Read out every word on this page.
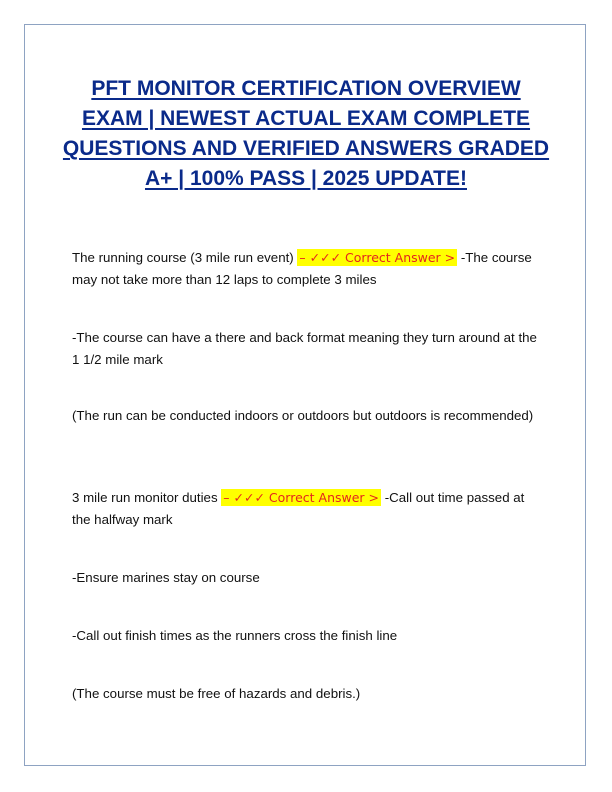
PFT MONITOR CERTIFICATION OVERVIEW EXAM | NEWEST ACTUAL EXAM COMPLETE QUESTIONS AND VERIFIED ANSWERS GRADED A+ | 100% PASS | 2025 UPDATE!

The running course (3 mile run event) – ✓✓✓ Correct Answer > -The course may not take more than 12 laps to complete 3 miles

-The course can have a there and back format meaning they turn around at the 1 1/2 mile mark

(The run can be conducted indoors or outdoors but outdoors is recommended)

3 mile run monitor duties – ✓✓✓ Correct Answer > -Call out time passed at the halfway mark

-Ensure marines stay on course

-Call out finish times as the runners cross the finish line

(The course must be free of hazards and debris.)
